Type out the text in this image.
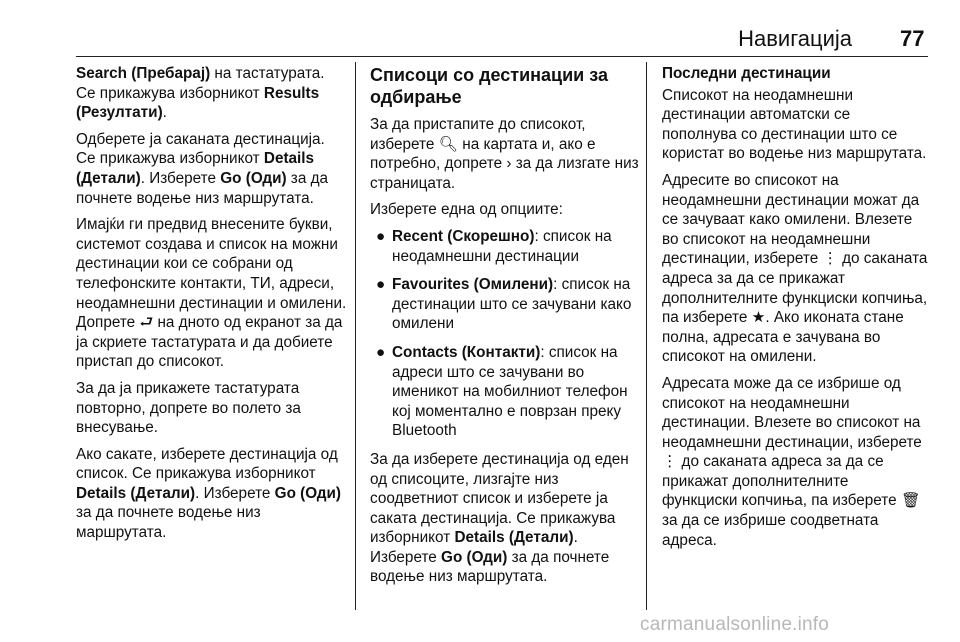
Навигација 77

Search (Пребарај) на тастатурата. Се прикажува изборникот Results (Резултати).

Одберете ја саканата дестинација. Се прикажува изборникот Details (Детали). Изберете Go (Оди) за да почнете водење низ маршрутата.

Имајќи ги предвид внесените букви, системот создава и список на можни дестинации кои се собрани од телефонските контакти, ТИ, адреси, неодамнешни дестинации и омилени. Допрете ⮐ на дното од екранот за да ја скриете тастатурата и да добиете пристап до списокот.

За да ја прикажете тастатурата повторно, допрете во полето за внесување.

Ако сакате, изберете дестинација од список. Се прикажува изборникот Details (Детали). Изберете Go (Оди) за да почнете водење низ маршрутата.

Списоци со дестинации за одбирање

За да пристапите до списокот, изберете 🔍︎ на картата и, ако е потребно, допрете › за да лизгате низ страницата.

Изберете една од опциите:

● Recent (Скорешно): список на неодамнешни дестинации
● Favourites (Омилени): список на дестинации што се зачувани како омилени
● Contacts (Контакти): список на адреси што се зачувани во именикот на мобилниот телефон кој моментално е поврзан преку Bluetooth

За да изберете дестинација од еден од списоците, лизгајте низ соодветниот список и изберете ја саката дестинација. Се прикажува изборникот Details (Детали). Изберете Go (Оди) за да почнете водење низ маршрутата.

Последни дестинации

Списокот на неодамнешни дестинации автоматски се пополнува со дестинации што се користат во водење низ маршрутата.

Адресите во списокот на неодамнешни дестинации можат да се зачуваат како омилени. Влезете во списокот на неодамнешни дестинации, изберете ⋮ до саканата адреса за да се прикажат дополнителните функциски копчиња, па изберете ★. Ако иконата стане полна, адресата е зачувана во списокот на омилени.

Адресата може да се избрише од списокот на неодамнешни дестинации. Влезете во списокот на неодамнешни дестинации, изберете ⋮ до саканата адреса за да се прикажат дополнителните функциски копчиња, па изберете 🗑︎ за да се избрише соодветната адреса.

carmanualsonline.info
